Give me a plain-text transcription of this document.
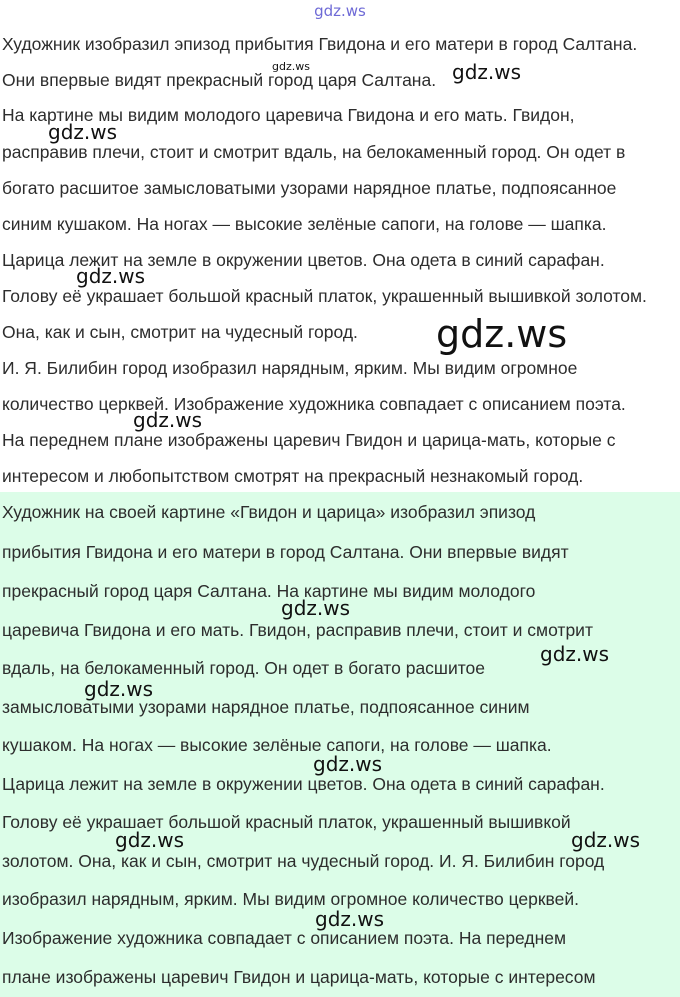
gdz.ws
Художник изобразил эпизод прибытия Гвидона и его матери в город Салтана.
Они впервые видят прекрасный город царя Салтана.
На картине мы видим молодого царевича Гвидона и его мать. Гвидон,
расправив плечи, стоит и смотрит вдаль, на белокаменный город. Он одет в
богато расшитое замысловатыми узорами нарядное платье, подпоясанное
синим кушаком. На ногах — высокие зелёные сапоги, на голове — шапка.
Царица лежит на земле в окружении цветов. Она одета в синий сарафан.
Голову её украшает большой красный платок, украшенный вышивкой золотом.
Она, как и сын, смотрит на чудесный город.
И. Я. Билибин город изобразил нарядным, ярким. Мы видим огромное
количество церквей. Изображение художника совпадает с описанием поэта.
На переднем плане изображены царевич Гвидон и царица-мать, которые с
интересом и любопытством смотрят на прекрасный незнакомый город.
Художник на своей картине «Гвидон и царица» изобразил эпизод
прибытия Гвидона и его матери в город Салтана. Они впервые видят
прекрасный город царя Салтана. На картине мы видим молодого
царевича Гвидона и его мать. Гвидон, расправив плечи, стоит и смотрит
вдаль, на белокаменный город. Он одет в богато расшитое
замысловатыми узорами нарядное платье, подпоясанное синим
кушаком. На ногах — высокие зелёные сапоги, на голове — шапка.
Царица лежит на земле в окружении цветов. Она одета в синий сарафан.
Голову её украшает большой красный платок, украшенный вышивкой
золотом. Она, как и сын, смотрит на чудесный город. И. Я. Билибин город
изобразил нарядным, ярким. Мы видим огромное количество церквей.
Изображение художника совпадает с описанием поэта. На переднем
плане изображены царевич Гвидон и царица-мать, которые с интересом
gdz.ws	gdz.ws
gdz.ws
gdz.ws
gdz.ws
gdz.ws
gdz.ws
gdz.ws
gdz.ws
gdz.ws
gdz.ws	gdz.ws
gdz.ws
